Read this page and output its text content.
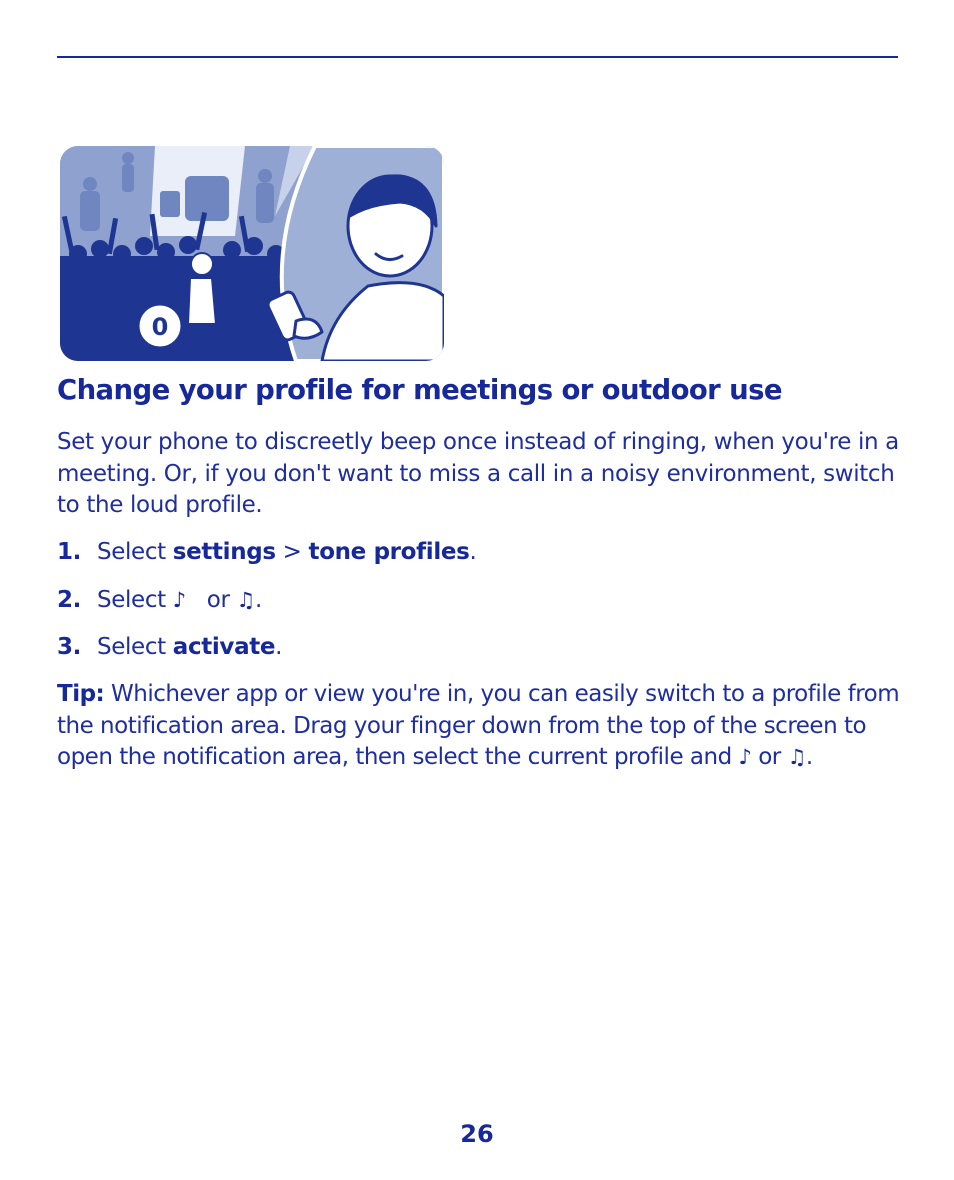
0
Change your profile for meetings or outdoor use

Set your phone to discreetly beep once instead of ringing, when you're in a meeting. Or, if you don't want to miss a call in a noisy environment, switch to the loud profile.

1. Select settings > tone profiles.
2. Select ♪ or ♫.
3. Select activate.

Tip: Whichever app or view you're in, you can easily switch to a profile from the notification area. Drag your finger down from the top of the screen to open the notification area, then select the current profile and ♪ or ♫.

26
